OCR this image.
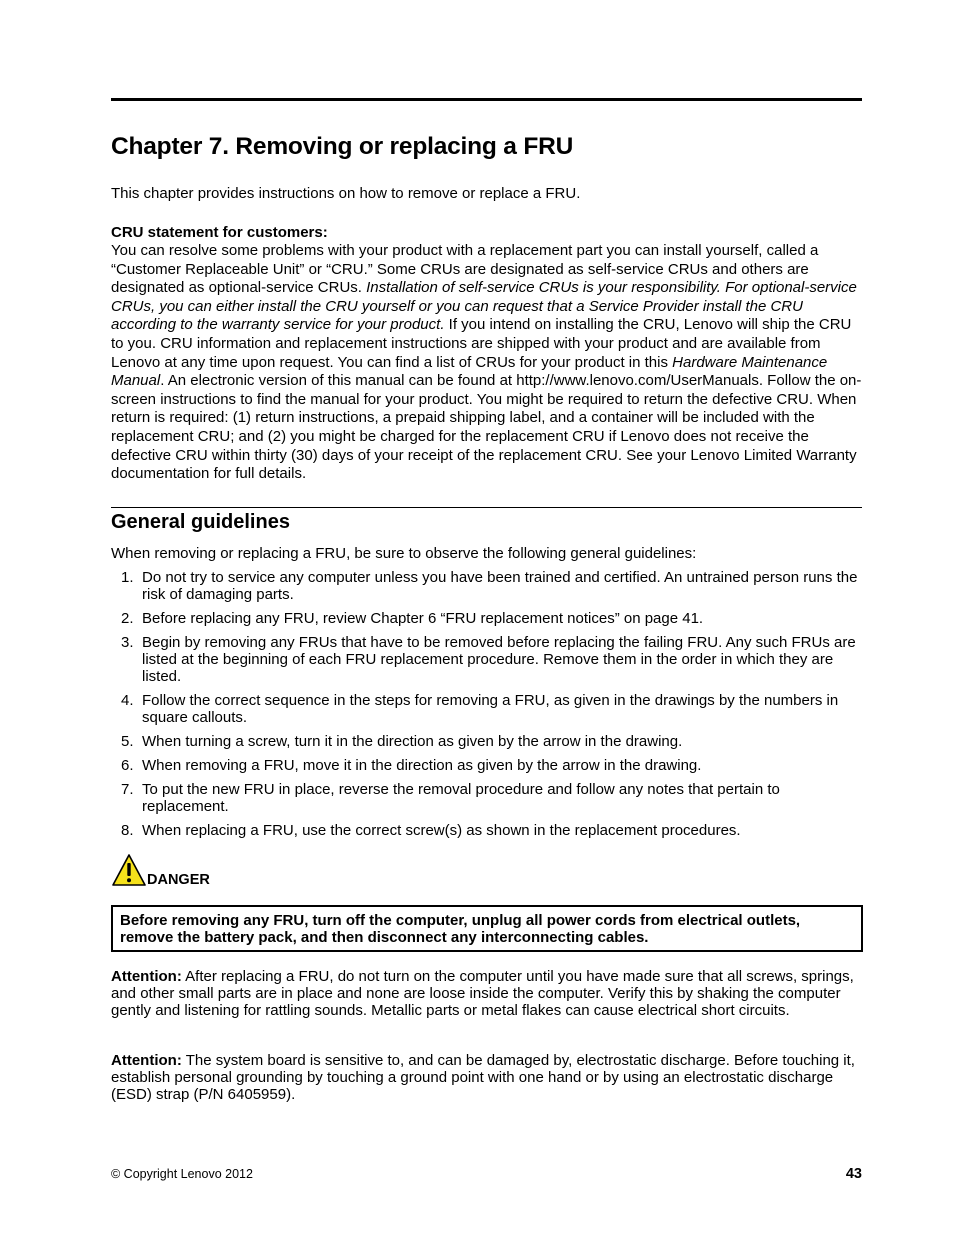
Chapter 7. Removing or replacing a FRU
This chapter provides instructions on how to remove or replace a FRU.
CRU statement for customers:
You can resolve some problems with your product with a replacement part you can install yourself, called a “Customer Replaceable Unit” or “CRU.” Some CRUs are designated as self-service CRUs and others are designated as optional-service CRUs. Installation of self-service CRUs is your responsibility. For optional-service CRUs, you can either install the CRU yourself or you can request that a Service Provider install the CRU according to the warranty service for your product. If you intend on installing the CRU, Lenovo will ship the CRU to you. CRU information and replacement instructions are shipped with your product and are available from Lenovo at any time upon request. You can find a list of CRUs for your product in this Hardware Maintenance Manual. An electronic version of this manual can be found at http://www.lenovo.com/UserManuals. Follow the on-screen instructions to find the manual for your product. You might be required to return the defective CRU. When return is required: (1) return instructions, a prepaid shipping label, and a container will be included with the replacement CRU; and (2) you might be charged for the replacement CRU if Lenovo does not receive the defective CRU within thirty (30) days of your receipt of the replacement CRU. See your Lenovo Limited Warranty documentation for full details.
General guidelines
When removing or replacing a FRU, be sure to observe the following general guidelines:
1. Do not try to service any computer unless you have been trained and certified. An untrained person runs the risk of damaging parts.
2. Before replacing any FRU, review Chapter 6 “FRU replacement notices” on page 41.
3. Begin by removing any FRUs that have to be removed before replacing the failing FRU. Any such FRUs are listed at the beginning of each FRU replacement procedure. Remove them in the order in which they are listed.
4. Follow the correct sequence in the steps for removing a FRU, as given in the drawings by the numbers in square callouts.
5. When turning a screw, turn it in the direction as given by the arrow in the drawing.
6. When removing a FRU, move it in the direction as given by the arrow in the drawing.
7. To put the new FRU in place, reverse the removal procedure and follow any notes that pertain to replacement.
8. When replacing a FRU, use the correct screw(s) as shown in the replacement procedures.
DANGER
Before removing any FRU, turn off the computer, unplug all power cords from electrical outlets, remove the battery pack, and then disconnect any interconnecting cables.
Attention: After replacing a FRU, do not turn on the computer until you have made sure that all screws, springs, and other small parts are in place and none are loose inside the computer. Verify this by shaking the computer gently and listening for rattling sounds. Metallic parts or metal flakes can cause electrical short circuits.
Attention: The system board is sensitive to, and can be damaged by, electrostatic discharge. Before touching it, establish personal grounding by touching a ground point with one hand or by using an electrostatic discharge (ESD) strap (P/N 6405959).
© Copyright Lenovo 2012	43
